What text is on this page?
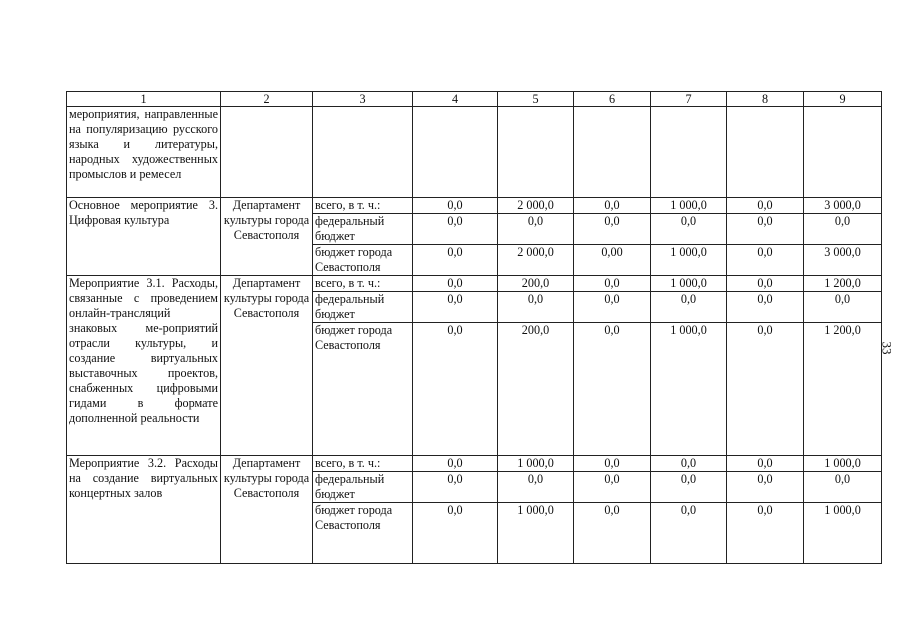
1	2	3	4	5	6	7	8	9
мероприятия, направленные на популяризацию русского языка и литературы, народных художественных промыслов и ремесел								
Основное мероприятие 3. Цифровая культура	Департамент культуры города Севастополя	всего, в т. ч.:	0,0	2 000,0	0,0	1 000,0	0,0	3 000,0
		федеральный бюджет	0,0	0,0	0,0	0,0	0,0	0,0
		бюджет города Севастополя	0,0	2 000,0	0,00	1 000,0	0,0	3 000,0
Мероприятие 3.1. Расходы, связанные с проведением онлайн-трансляций знаковых ме-роприятий отрасли культуры, и создание виртуальных выставочных проектов, снабженных цифровыми гидами в формате дополненной реальности	Департамент культуры города Севастополя	всего, в т. ч.:	0,0	200,0	0,0	1 000,0	0,0	1 200,0
		федеральный бюджет	0,0	0,0	0,0	0,0	0,0	0,0
		бюджет города Севастополя	0,0	200,0	0,0	1 000,0	0,0	1 200,0
Мероприятие 3.2. Расходы на создание виртуальных концертных залов	Департамент культуры города Севастополя	всего, в т. ч.:	0,0	1 000,0	0,0	0,0	0,0	1 000,0
		федеральный бюджет	0,0	0,0	0,0	0,0	0,0	0,0
		бюджет города Севастополя	0,0	1 000,0	0,0	0,0	0,0	1 000,0
33
